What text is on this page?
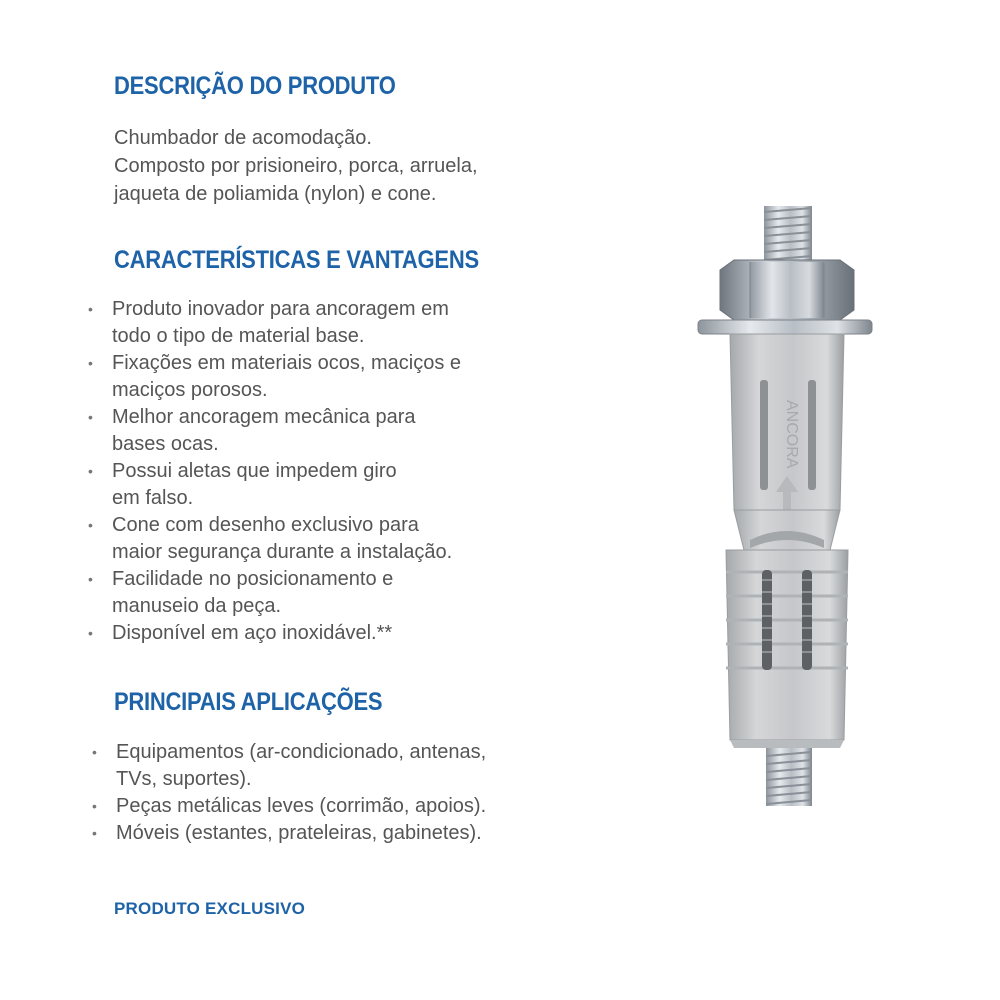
DESCRIÇÃO DO PRODUTO
Chumbador de acomodação.
Composto por prisioneiro, porca, arruela,
jaqueta de poliamida (nylon) e cone.
CARACTERÍSTICAS E VANTAGENS
• Produto inovador para ancoragem em
todo o tipo de material base.
• Fixações em materiais ocos, maciços e
maciços porosos.
• Melhor ancoragem mecânica para
bases ocas.
• Possui aletas que impedem giro
em falso.
• Cone com desenho exclusivo para
maior segurança durante a instalação.
• Facilidade no posicionamento e
manuseio da peça.
• Disponível em aço inoxidável.**
PRINCIPAIS APLICAÇÕES
• Equipamentos (ar-condicionado, antenas,
TVs, suportes).
• Peças metálicas leves (corrimão, apoios).
• Móveis (estantes, prateleiras, gabinetes).
PRODUTO EXCLUSIVO
ANCORA
